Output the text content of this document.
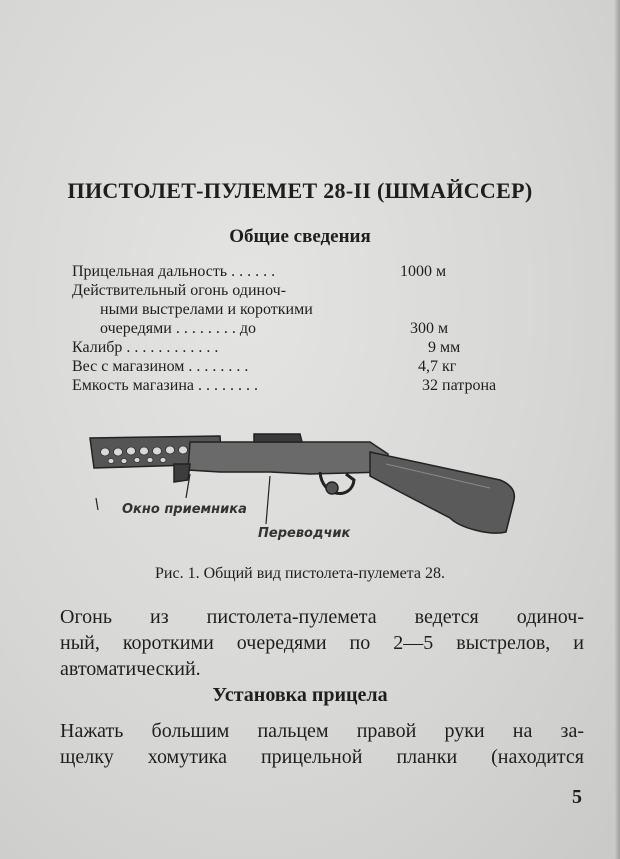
ПИСТОЛЕТ-ПУЛЕМЕТ 28-II (ШМАЙССЕР)
Общие сведения
Прицельная дальность . . . . . .	1000 м
Действительный огонь одиноч-
ными выстрелами и короткими
очередями . . . . . . . . до	300 м
Калибр . . . . . . . . . . . .	9 мм
Вес с магазином . . . . . . . .	4,7 кг
Емкость магазина . . . . . . . .	32 патрона
Окно приемника
Переводчик
Рис. 1. Общий вид пистолета-пулемета 28.
Огонь из пистолета-пулемета ведется одиноч-
ный, короткими очередями по 2—5 выстрелов, и
автоматический.
Установка прицела
Нажать большим пальцем правой руки на за-
щелку хомутика прицельной планки (находится
5
